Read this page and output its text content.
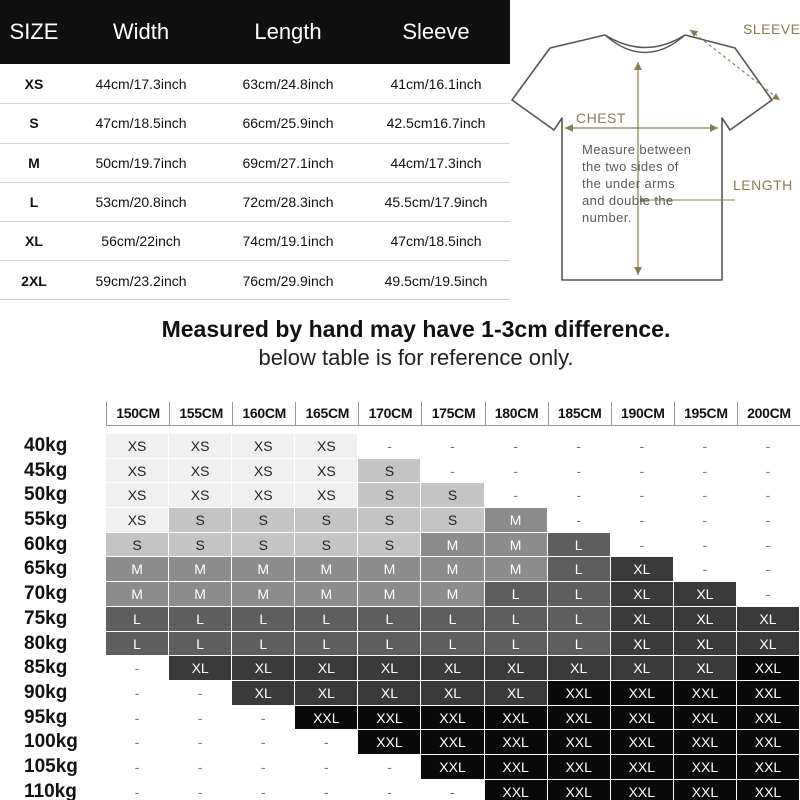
SIZE	Width	Length	Sleeve
XS	44cm/17.3inch	63cm/24.8inch	41cm/16.1inch
S	47cm/18.5inch	66cm/25.9inch	42.5cm16.7inch
M	50cm/19.7inch	69cm/27.1inch	44cm/17.3inch
L	53cm/20.8inch	72cm/28.3inch	45.5cm/17.9inch
XL	56cm/22inch	74cm/19.1inch	47cm/18.5inch
2XL	59cm/23.2inch	76cm/29.9inch	49.5cm/19.5inch
SLEEVE
CHEST
LENGTH
Measure between
the two sides of
the under arms
and double the
number.
Measured by hand may have 1-3cm difference.
below table is for reference only.
150CM	155CM	160CM	165CM	170CM	175CM	180CM	185CM	190CM	195CM	200CM
40kg	XS	XS	XS	XS	-	-	-	-	-	-	-
45kg	XS	XS	XS	XS	S	-	-	-	-	-	-
50kg	XS	XS	XS	XS	S	S	-	-	-	-	-
55kg	XS	S	S	S	S	S	M	-	-	-	-
60kg	S	S	S	S	S	M	M	L	-	-	-
65kg	M	M	M	M	M	M	M	L	XL	-	-
70kg	M	M	M	M	M	M	L	L	XL	XL	-
75kg	L	L	L	L	L	L	L	L	XL	XL	XL
80kg	L	L	L	L	L	L	L	L	XL	XL	XL
85kg	-	XL	XL	XL	XL	XL	XL	XL	XL	XL	XXL
90kg	-	-	XL	XL	XL	XL	XL	XXL	XXL	XXL	XXL
95kg	-	-	-	XXL	XXL	XXL	XXL	XXL	XXL	XXL	XXL
100kg	-	-	-	-	XXL	XXL	XXL	XXL	XXL	XXL	XXL
105kg	-	-	-	-	-	XXL	XXL	XXL	XXL	XXL	XXL
110kg	-	-	-	-	-	-	XXL	XXL	XXL	XXL	XXL
